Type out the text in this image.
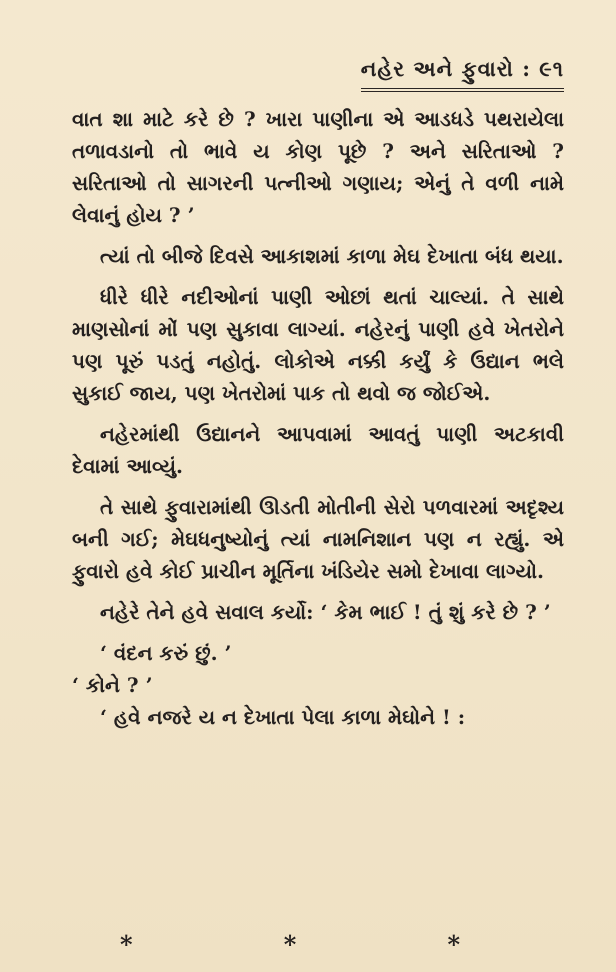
નહેર અને ફુવારો : ૯૧

વાત શા માટે કરે છે ? ખારા પાણીના એ આડધડે પથરાયેલા તળાવડાનો તો ભાવે ય કોણ પૂછે ? અને સરિતાઓ ? સરિતાઓ તો સાગરની પત્નીઓ ગણાય; એનું તે વળી નામે લેવાનું હોય ? ’

ત્યાં તો બીજે દિવસે આકાશમાં કાળા મેઘ દેખાતા બંધ થયા.

ધીરે ધીરે નદીઓનાં પાણી ઓછાં થતાં ચાલ્યાં. તે સાથે માણસોનાં મોં પણ સુકાવા લાગ્યાં. નહેરનું પાણી હવે ખેતરોને પણ પૂરું પડતું નહોતું. લોકોએ નક્કી કર્યું કે ઉદ્યાન ભલે સુકાઈ જાય, પણ ખેતરોમાં પાક તો થવો જ જોઈએ.

નહેરમાંથી ઉદ્યાનને આપવામાં આવતું પાણી અટકાવી દેવામાં આવ્યું.

તે સાથે ફુવારામાંથી ઊડતી મોતીની સેરો પળવારમાં અદૃશ્ય બની ગઈ; મેઘધનુષ્યોનું ત્યાં નામનિશાન પણ ન રહ્યું. એ ફુવારો હવે કોઈ પ્રાચીન મૂર્તિના ખંડિયેર સમો દેખાવા લાગ્યો.

નહેરે તેને હવે સવાલ કર્યો: ‘ કેમ ભાઈ ! તું શું કરે છે ? ’

‘ વંદન કરું છું. ’
‘ કોને ? ’
‘ હવે નજરે ય ન દેખાતા પેલા કાળા મેઘોને ! :
*	*	*
